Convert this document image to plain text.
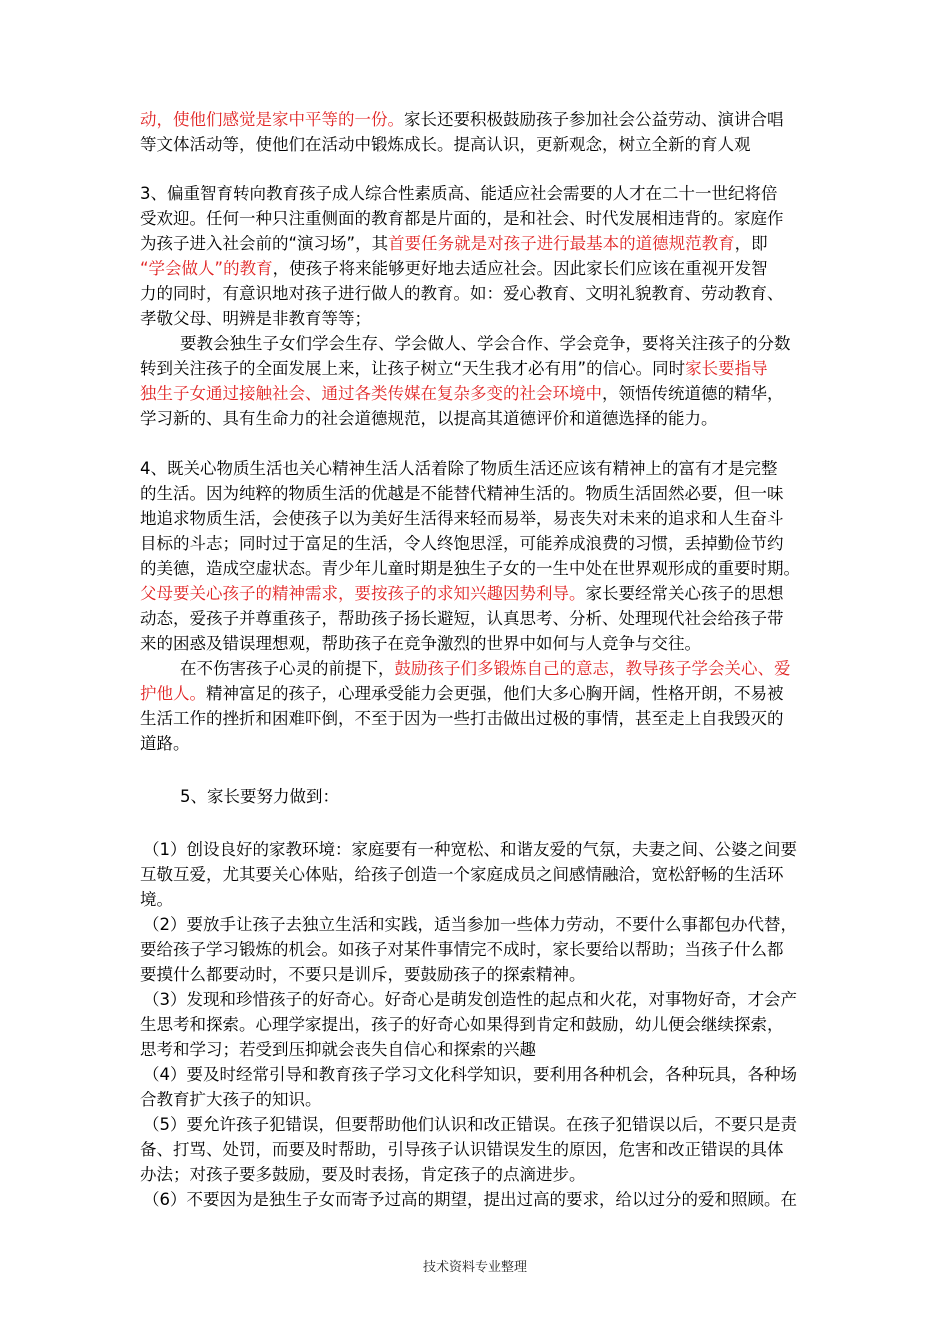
动，使他们感觉是家中平等的一份。家长还要积极鼓励孩子参加社会公益劳动、演讲合唱
等文体活动等，使他们在活动中锻炼成长。提高认识，更新观念，树立全新的育人观
3、偏重智育转向教育孩子成人综合性素质高、能适应社会需要的人才在二十一世纪将倍
受欢迎。任何一种只注重侧面的教育都是片面的，是和社会、时代发展相违背的。家庭作
为孩子进入社会前的“演习场”，其首要任务就是对孩子进行最基本的道德规范教育，即
“学会做人”的教育，使孩子将来能够更好地去适应社会。因此家长们应该在重视开发智
力的同时，有意识地对孩子进行做人的教育。如：爱心教育、文明礼貌教育、劳动教育、
孝敬父母、明辨是非教育等等；
要教会独生子女们学会生存、学会做人、学会合作、学会竞争，要将关注孩子的分数
转到关注孩子的全面发展上来，让孩子树立“天生我才必有用”的信心。同时家长要指导
独生子女通过接触社会、通过各类传媒在复杂多变的社会环境中，领悟传统道德的精华，
学习新的、具有生命力的社会道德规范，以提高其道德评价和道德选择的能力。
4、既关心物质生活也关心精神生活人活着除了物质生活还应该有精神上的富有才是完整
的生活。因为纯粹的物质生活的优越是不能替代精神生活的。物质生活固然必要，但一味
地追求物质生活，会使孩子以为美好生活得来轻而易举，易丧失对未来的追求和人生奋斗
目标的斗志；同时过于富足的生活，令人终饱思淫，可能养成浪费的习惯，丢掉勤俭节约
的美德，造成空虚状态。青少年儿童时期是独生子女的一生中处在世界观形成的重要时期。
父母要关心孩子的精神需求，要按孩子的求知兴趣因势利导。家长要经常关心孩子的思想
动态，爱孩子并尊重孩子，帮助孩子扬长避短，认真思考、分析、处理现代社会给孩子带
来的困惑及错误理想观，帮助孩子在竞争激烈的世界中如何与人竞争与交往。
在不伤害孩子心灵的前提下，鼓励孩子们多锻炼自己的意志，教导孩子学会关心、爱
护他人。精神富足的孩子，心理承受能力会更强，他们大多心胸开阔，性格开朗，不易被
生活工作的挫折和困难吓倒，不至于因为一些打击做出过极的事情，甚至走上自我毁灭的
道路。
5、家长要努力做到：
（1）创设良好的家教环境：家庭要有一种宽松、和谐友爱的气氛，夫妻之间、公婆之间要
互敬互爱，尤其要关心体贴，给孩子创造一个家庭成员之间感情融洽，宽松舒畅的生活环
境。
（2）要放手让孩子去独立生活和实践，适当参加一些体力劳动，不要什么事都包办代替，
要给孩子学习锻炼的机会。如孩子对某件事情完不成时，家长要给以帮助；当孩子什么都
要摸什么都要动时，不要只是训斥，要鼓励孩子的探索精神。
（3）发现和珍惜孩子的好奇心。好奇心是萌发创造性的起点和火花，对事物好奇，才会产
生思考和探索。心理学家提出，孩子的好奇心如果得到肯定和鼓励，幼儿便会继续探索，
思考和学习；若受到压抑就会丧失自信心和探索的兴趣
（4）要及时经常引导和教育孩子学习文化科学知识，要利用各种机会，各种玩具，各种场
合教育扩大孩子的知识。
（5）要允许孩子犯错误，但要帮助他们认识和改正错误。在孩子犯错误以后，不要只是责
备、打骂、处罚，而要及时帮助，引导孩子认识错误发生的原因，危害和改正错误的具体
办法；对孩子要多鼓励，要及时表扬，肯定孩子的点滴进步。
（6）不要因为是独生子女而寄予过高的期望，提出过高的要求，给以过分的爱和照顾。在
技术资料专业整理
